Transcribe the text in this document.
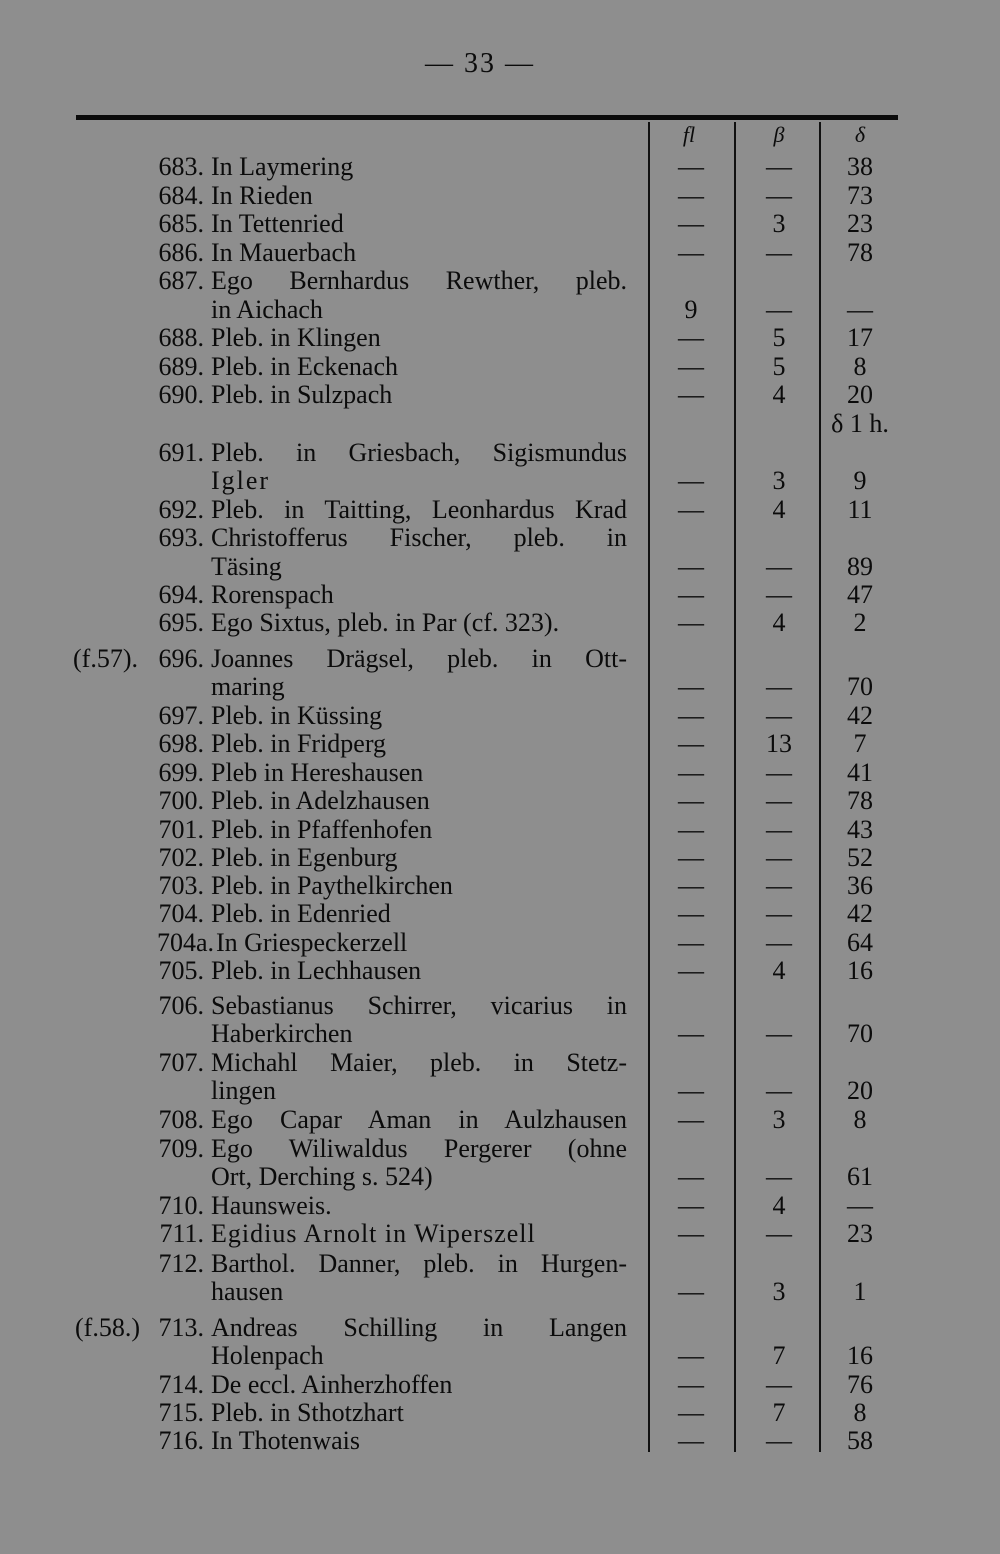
— 33 —
fl	β	δ
683. In Laymering	—	—	38
684. In Rieden	—	—	73
685. In Tettenried	—	3	23
686. In Mauerbach	—	—	78
687. Ego Bernhardus Rewther, pleb.
in Aichach	9	—	—
688. Pleb. in Klingen	—	5	17
689. Pleb. in Eckenach	—	5	8
690. Pleb. in Sulzpach	—	4	20
δ 1 h.
691. Pleb. in Griesbach, Sigismundus
Igler	—	3	9
692. Pleb. in Taitting, Leonhardus Krad	—	4	11
693. Christofferus Fischer, pleb. in
Täsing	—	—	89
694. Rorenspach	—	—	47
695. Ego Sixtus, pleb. in Par (cf. 323).	—	4	2
696. Joannes Drägsel, pleb. in Ott-
maring	—	—	70
697. Pleb. in Küssing	—	—	42
698. Pleb. in Fridperg	—	13	7
699. Pleb in Hereshausen	—	—	41
700. Pleb. in Adelzhausen	—	—	78
701. Pleb. in Pfaffenhofen	—	—	43
702. Pleb. in Egenburg	—	—	52
703. Pleb. in Paythelkirchen	—	—	36
704. Pleb. in Edenried	—	—	42
704a. In Griespeckerzell	—	—	64
705. Pleb. in Lechhausen	—	4	16
706. Sebastianus Schirrer, vicarius in
Haberkirchen	—	—	70
707. Michahl Maier, pleb. in Stetz-
lingen	—	—	20
708. Ego Capar Aman in Aulzhausen	—	3	8
709. Ego Wiliwaldus Pergerer (ohne
Ort, Derching s. 524)	—	—	61
710. Haunsweis.	—	4	—
711. Egidius Arnolt in Wiperszell	—	—	23
712. Barthol. Danner, pleb. in Hurgen-
hausen	—	3	1
(f.58.) 713. Andreas Schilling in Langen
Holenpach	—	7	16
714. De eccl. Ainherzhoffen	—	—	76
715. Pleb. in Sthotzhart	—	7	8
716. In Thotenwais	—	—	58
(f.57).
